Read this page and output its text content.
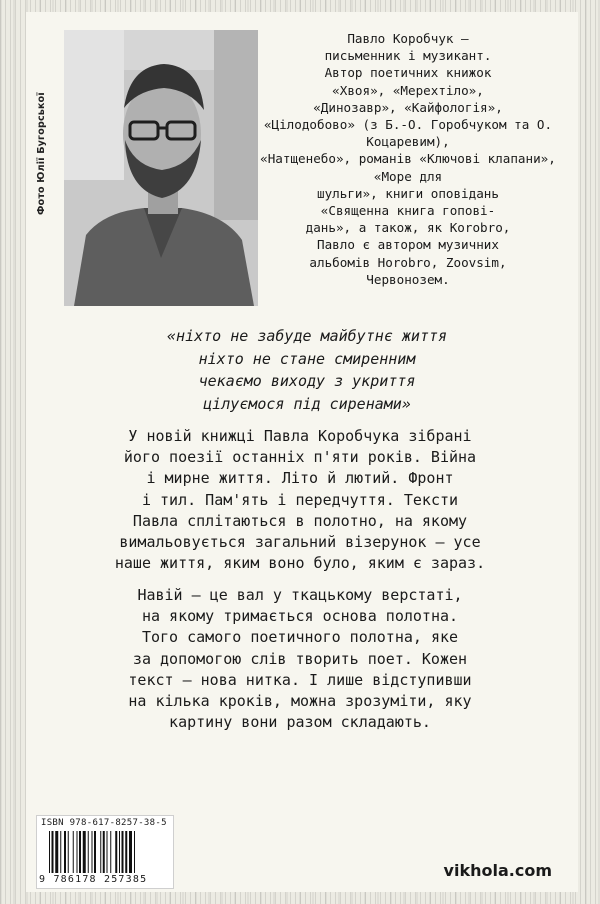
Фото Юлії Бугорської
Павло Коробчук –
письменник і музикант.
Автор поетичних книжок
«Хвоя», «Мерехтіло»,
«Динозавр», «Кайфологія»,
«Цілодобово» (з Б.-О. Горобчуком та О. Коцаревим),
«Натщенебо», романів «Ключові клапани», «Море для
шульги», книги оповідань
«Священна книга гопові-
дань», а також, як Korobro,
Павло є автором музичних
альбомів Horobro, Zoovsim,
Червонозем.
«ніхто не забуде майбутнє життя
ніхто не стане смиренним
чекаємо виходу з укриття
цілуємося під сиренами»
У новій книжці Павла Коробчука зібрані
його поезії останніх п'яти років. Війна
і мирне життя. Літо й лютий. Фронт
і тил. Пам'ять і передчуття. Тексти
Павла сплітаються в полотно, на якому
вимальовується загальний візерунок – усе
наше життя, яким воно було, яким є зараз.
Навій – це вал у ткацькому верстаті,
на якому тримається основа полотна.
Того самого поетичного полотна, яке
за допомогою слів творить поет. Кожен
текст – нова нитка. І лише відступивши
на кілька кроків, можна зрозуміти, яку
картину вони разом складають.
ISBN 978-617-8257-38-5
9 786178 257385	vikhola.com
